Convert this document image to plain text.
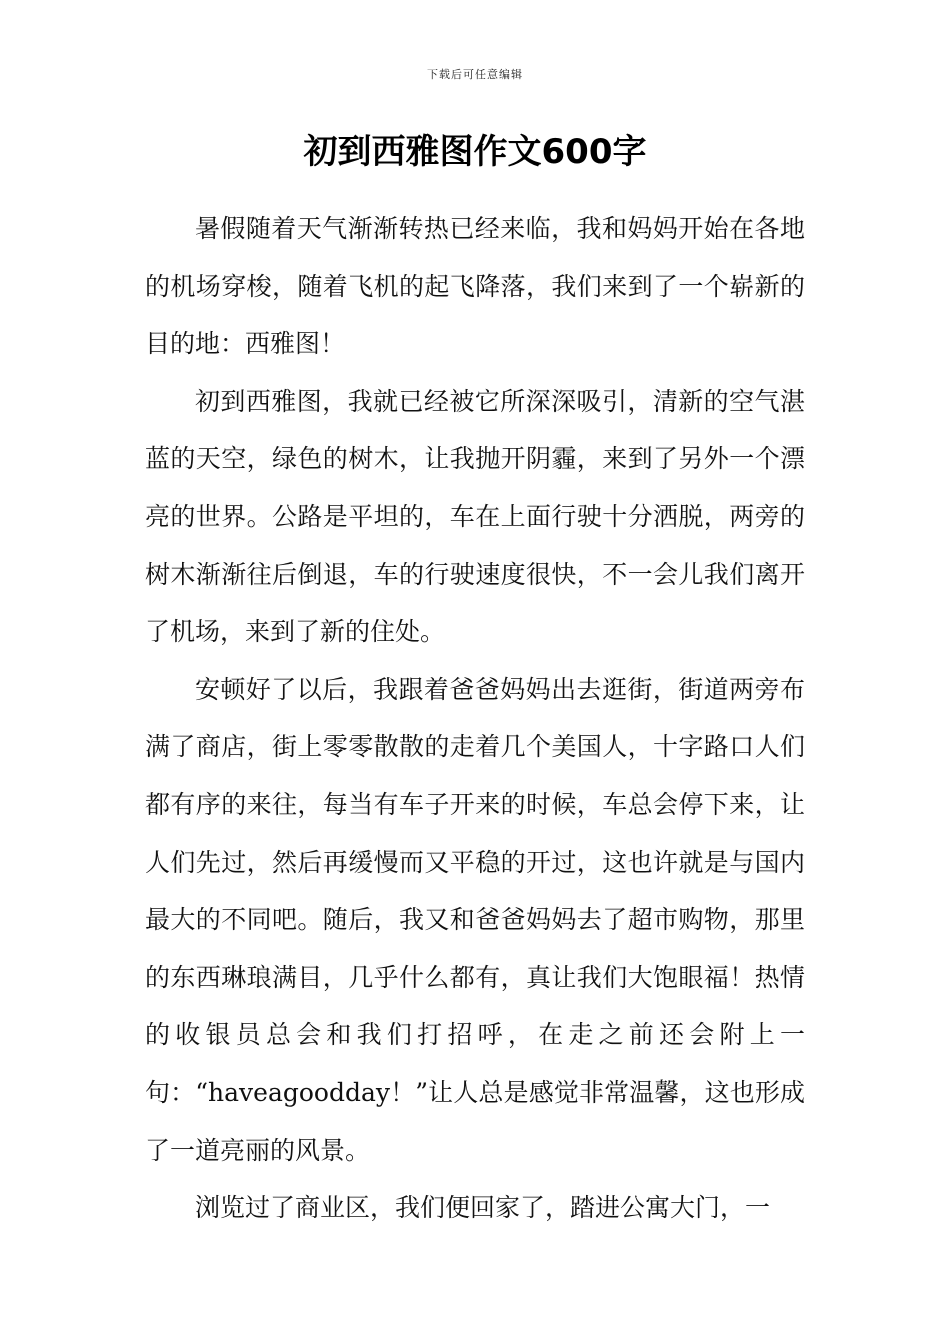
下载后可任意编辑
初到西雅图作文600字

暑假随着天气渐渐转热已经来临，我和妈妈开始在各地的机场穿梭，随着飞机的起飞降落，我们来到了一个崭新的目的地：西雅图！

初到西雅图，我就已经被它所深深吸引，清新的空气湛蓝的天空，绿色的树木，让我抛开阴霾，来到了另外一个漂亮的世界。公路是平坦的，车在上面行驶十分洒脱，两旁的树木渐渐往后倒退，车的行驶速度很快，不一会儿我们离开了机场，来到了新的住处。

安顿好了以后，我跟着爸爸妈妈出去逛街，街道两旁布满了商店，街上零零散散的走着几个美国人，十字路口人们都有序的来往，每当有车子开来的时候，车总会停下来，让人们先过，然后再缓慢而又平稳的开过，这也许就是与国内最大的不同吧。随后，我又和爸爸妈妈去了超市购物，那里的东西琳琅满目，几乎什么都有，真让我们大饱眼福！热情的收银员总会和我们打招呼，在走之前还会附上一句：“haveagoodday！”让人总是感觉非常温馨，这也形成了一道亮丽的风景。

浏览过了商业区，我们便回家了，踏进公寓大门，一
